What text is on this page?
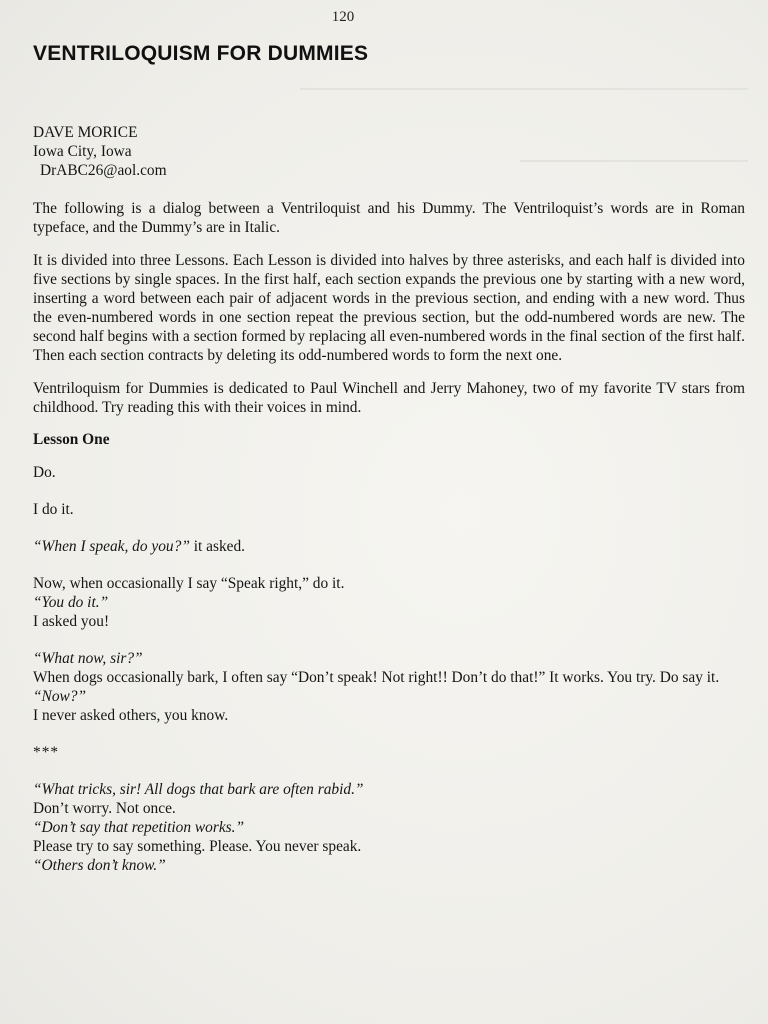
120
VENTRILOQUISM FOR DUMMIES
DAVE MORICE
Iowa City, Iowa
DrABC26@aol.com

The following is a dialog between a Ventriloquist and his Dummy. The Ventriloquist’s words are in Roman typeface, and the Dummy’s are in Italic.

It is divided into three Lessons. Each Lesson is divided into halves by three asterisks, and each half is divided into five sections by single spaces. In the first half, each section expands the previous one by starting with a new word, inserting a word between each pair of adjacent words in the previous section, and ending with a new word. Thus the even-numbered words in one section repeat the previous section, but the odd-numbered words are new. The second half begins with a section formed by replacing all even-numbered words in the final section of the first half. Then each section contracts by deleting its odd-numbered words to form the next one.

Ventriloquism for Dummies is dedicated to Paul Winchell and Jerry Mahoney, two of my favorite TV stars from childhood. Try reading this with their voices in mind.

Lesson One
Do.
I do it.
“When I speak, do you?” it asked.
Now, when occasionally I say “Speak right,” do it.
“You do it.”
I asked you!
“What now, sir?”
When dogs occasionally bark, I often say “Don’t speak! Not right!! Don’t do that!” It works. You try. Do say it.
“Now?”
I never asked others, you know.
***
“What tricks, sir! All dogs that bark are often rabid.”
Don’t worry. Not once.
“Don’t say that repetition works.”
Please try to say something. Please. You never speak.
“Others don’t know.”
